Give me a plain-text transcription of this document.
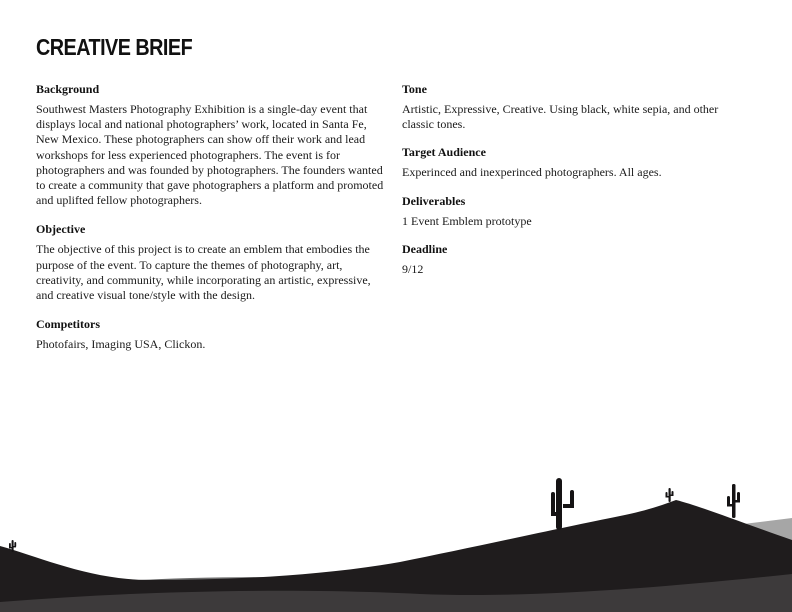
CREATIVE BRIEF
Background

Southwest Masters Photography Exhibition is a single-day event that displays local and national photographers’ work, located in Santa Fe, New Mexico. These photographers can show off their work and lead workshops for less experienced photographers. The event is for photographers and was founded by photographers. The founders wanted to create a community that gave photographers a platform and promoted and uplifted fellow photographers.

Objective

The objective of this project is to create an emblem that embodies the purpose of the event. To capture the themes of photography, art, creativity, and community, while incorporating an artistic, expressive, and creative visual tone/style with the design.

Competitors

Photofairs, Imaging USA, Clickon.

Tone

Artistic, Expressive, Creative. Using black, white sepia, and other classic tones.

Target Audience

Experinced and inexperinced photographers. All ages.

Deliverables

1 Event Emblem prototype

Deadline

9/12
